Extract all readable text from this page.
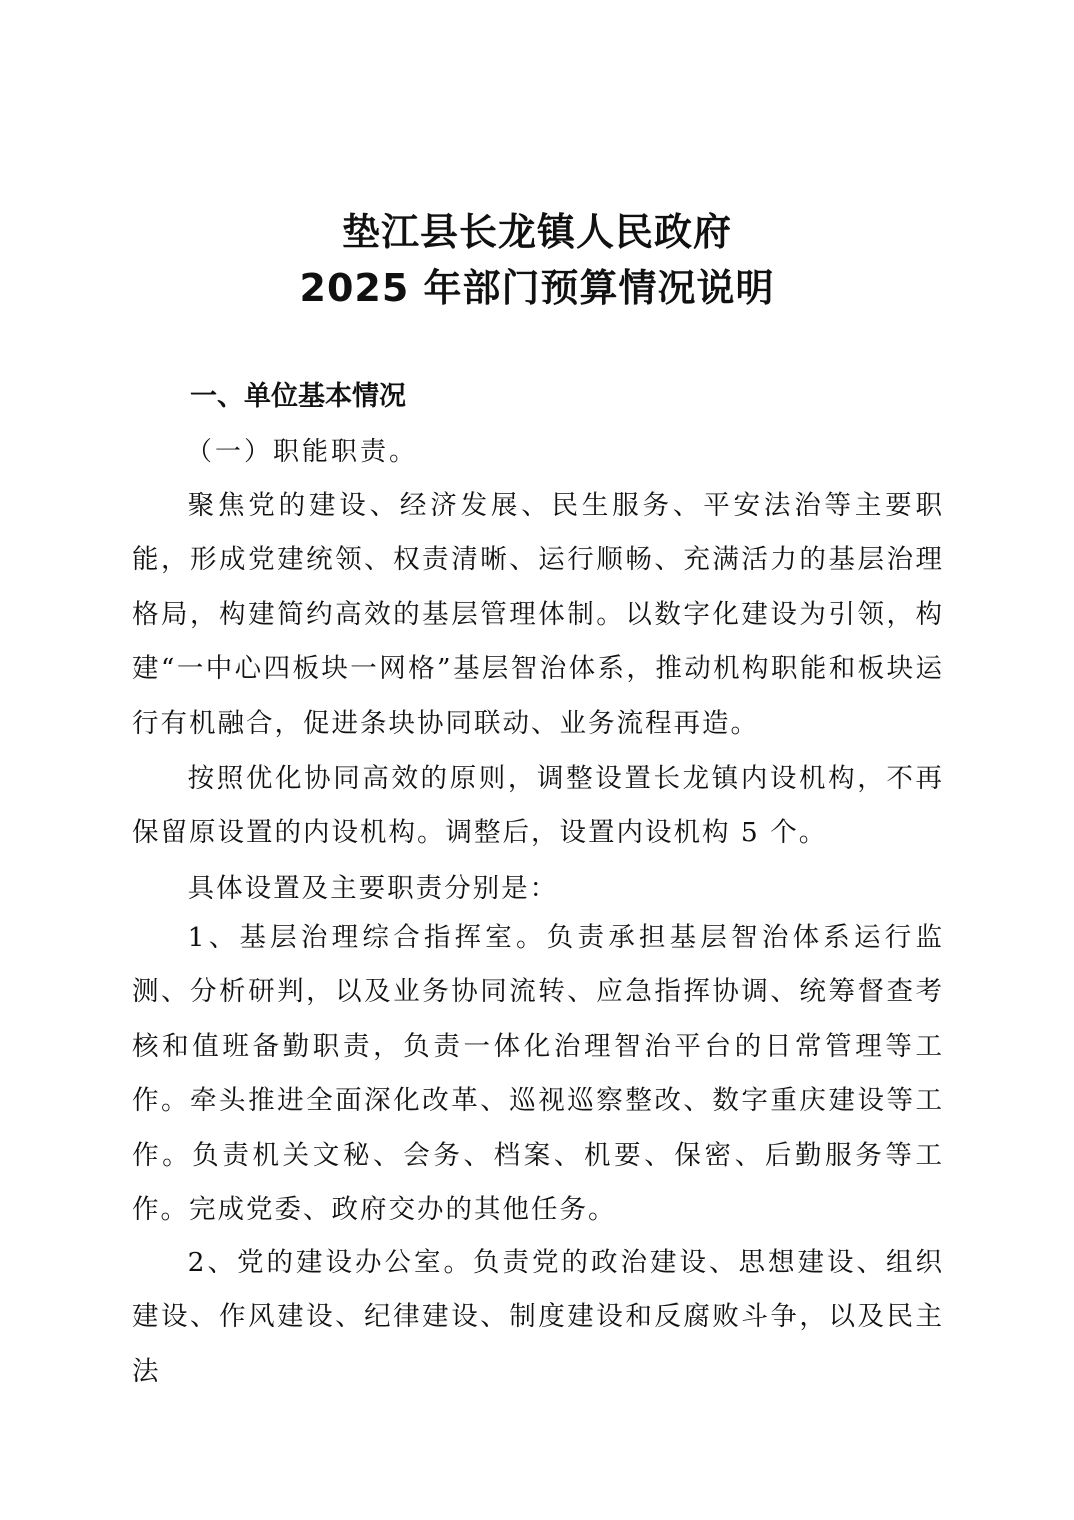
垫江县长龙镇人民政府
2025 年部门预算情况说明
一、单位基本情况
（一）职能职责。

聚焦党的建设、经济发展、民生服务、平安法治等主要职能，形成党建统领、权责清晰、运行顺畅、充满活力的基层治理格局，构建简约高效的基层管理体制。以数字化建设为引领，构建“一中心四板块一网格”基层智治体系，推动机构职能和板块运行有机融合，促进条块协同联动、业务流程再造。

按照优化协同高效的原则，调整设置长龙镇内设机构，不再保留原设置的内设机构。调整后，设置内设机构 5 个。

具体设置及主要职责分别是：

1、基层治理综合指挥室。负责承担基层智治体系运行监测、分析研判，以及业务协同流转、应急指挥协调、统筹督查考核和值班备勤职责，负责一体化治理智治平台的日常管理等工作。牵头推进全面深化改革、巡视巡察整改、数字重庆建设等工作。负责机关文秘、会务、档案、机要、保密、后勤服务等工作。完成党委、政府交办的其他任务。

2、党的建设办公室。负责党的政治建设、思想建设、组织建设、作风建设、纪律建设、制度建设和反腐败斗争，以及民主法
